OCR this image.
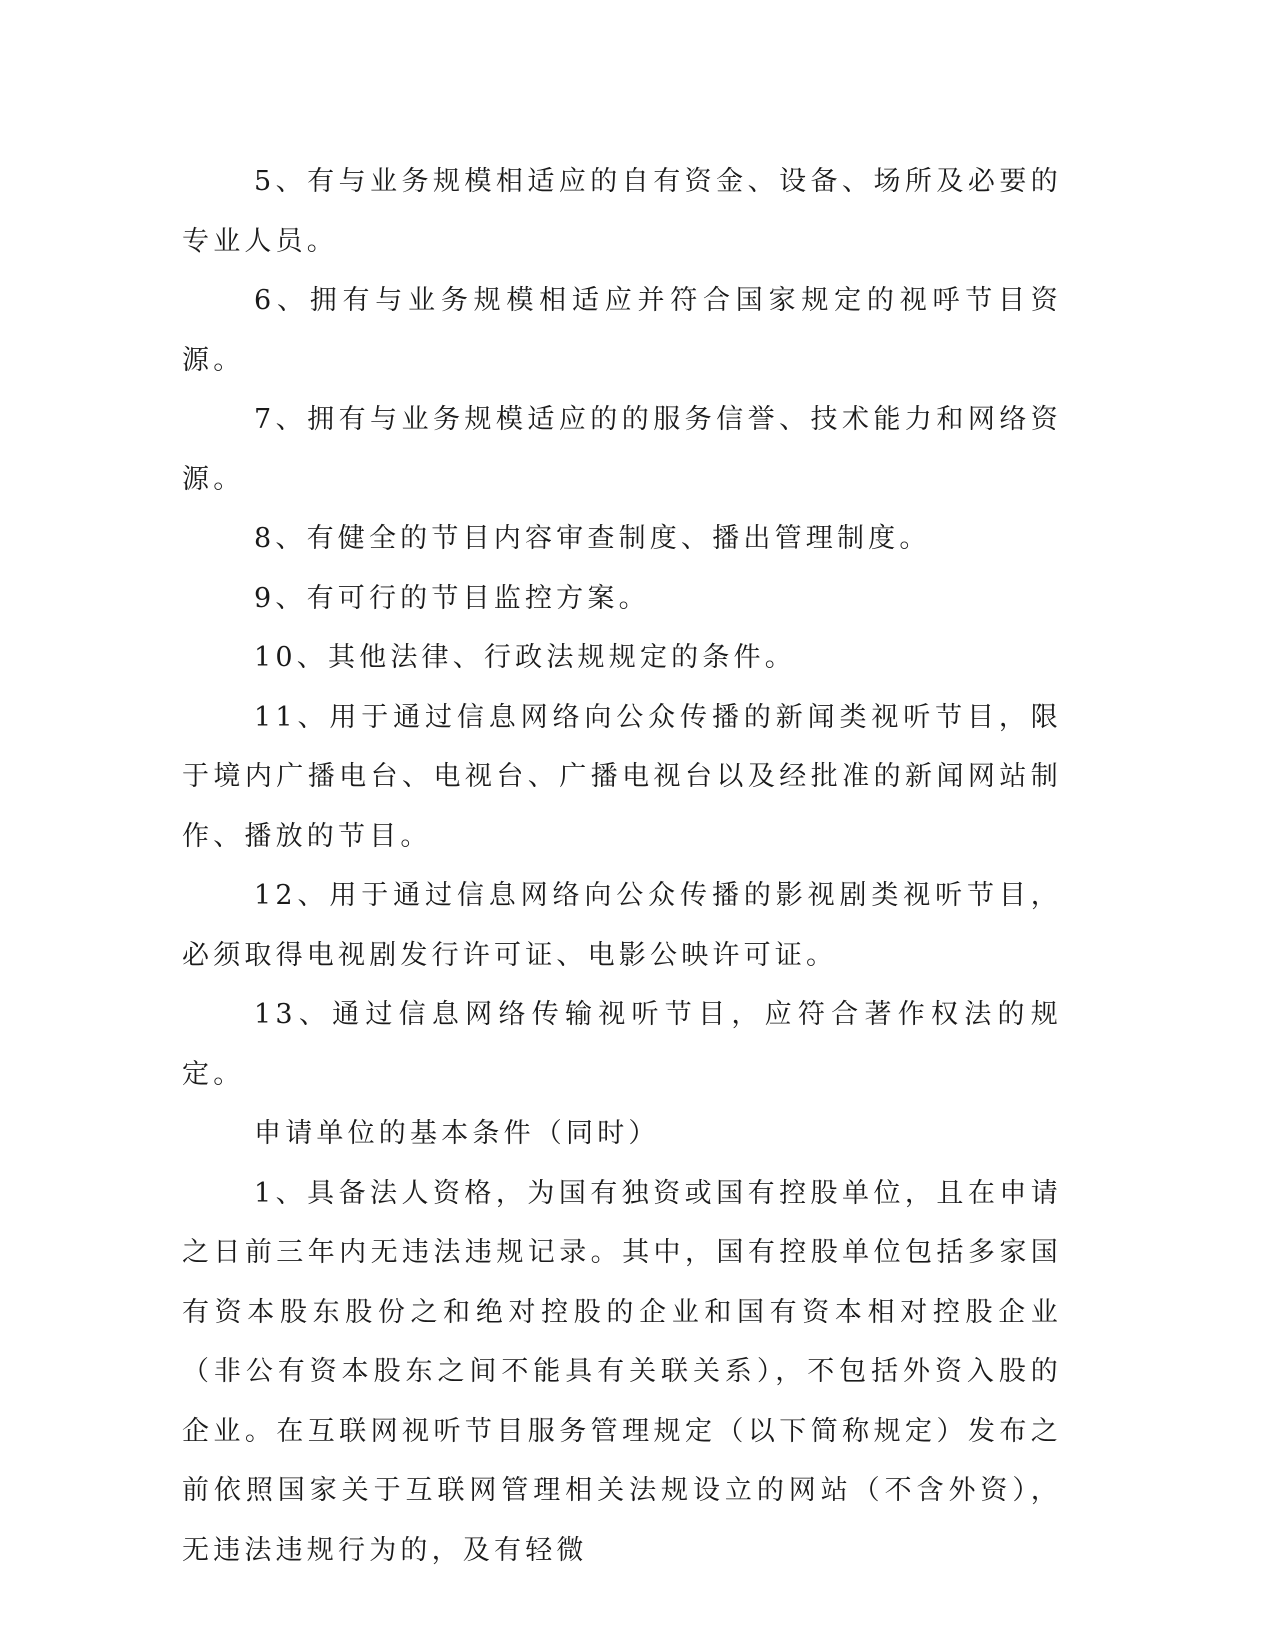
5、有与业务规模相适应的自有资金、设备、场所及必要的专业人员。

6、拥有与业务规模相适应并符合国家规定的视呼节目资源。

7、拥有与业务规模适应的的服务信誉、技术能力和网络资源。

8、有健全的节目内容审查制度、播出管理制度。

9、有可行的节目监控方案。

10、其他法律、行政法规规定的条件。

11、用于通过信息网络向公众传播的新闻类视听节目，限于境内广播电台、电视台、广播电视台以及经批准的新闻网站制作、播放的节目。

12、用于通过信息网络向公众传播的影视剧类视听节目，必须取得电视剧发行许可证、电影公映许可证。

13、通过信息网络传输视听节目，应符合著作权法的规定。

申请单位的基本条件（同时）

1、具备法人资格，为国有独资或国有控股单位，且在申请之日前三年内无违法违规记录。其中，国有控股单位包括多家国有资本股东股份之和绝对控股的企业和国有资本相对控股企业（非公有资本股东之间不能具有关联关系），不包括外资入股的企业。在互联网视听节目服务管理规定（以下简称规定）发布之前依照国家关于互联网管理相关法规设立的网站（不含外资），无违法违规行为的，及有轻微
